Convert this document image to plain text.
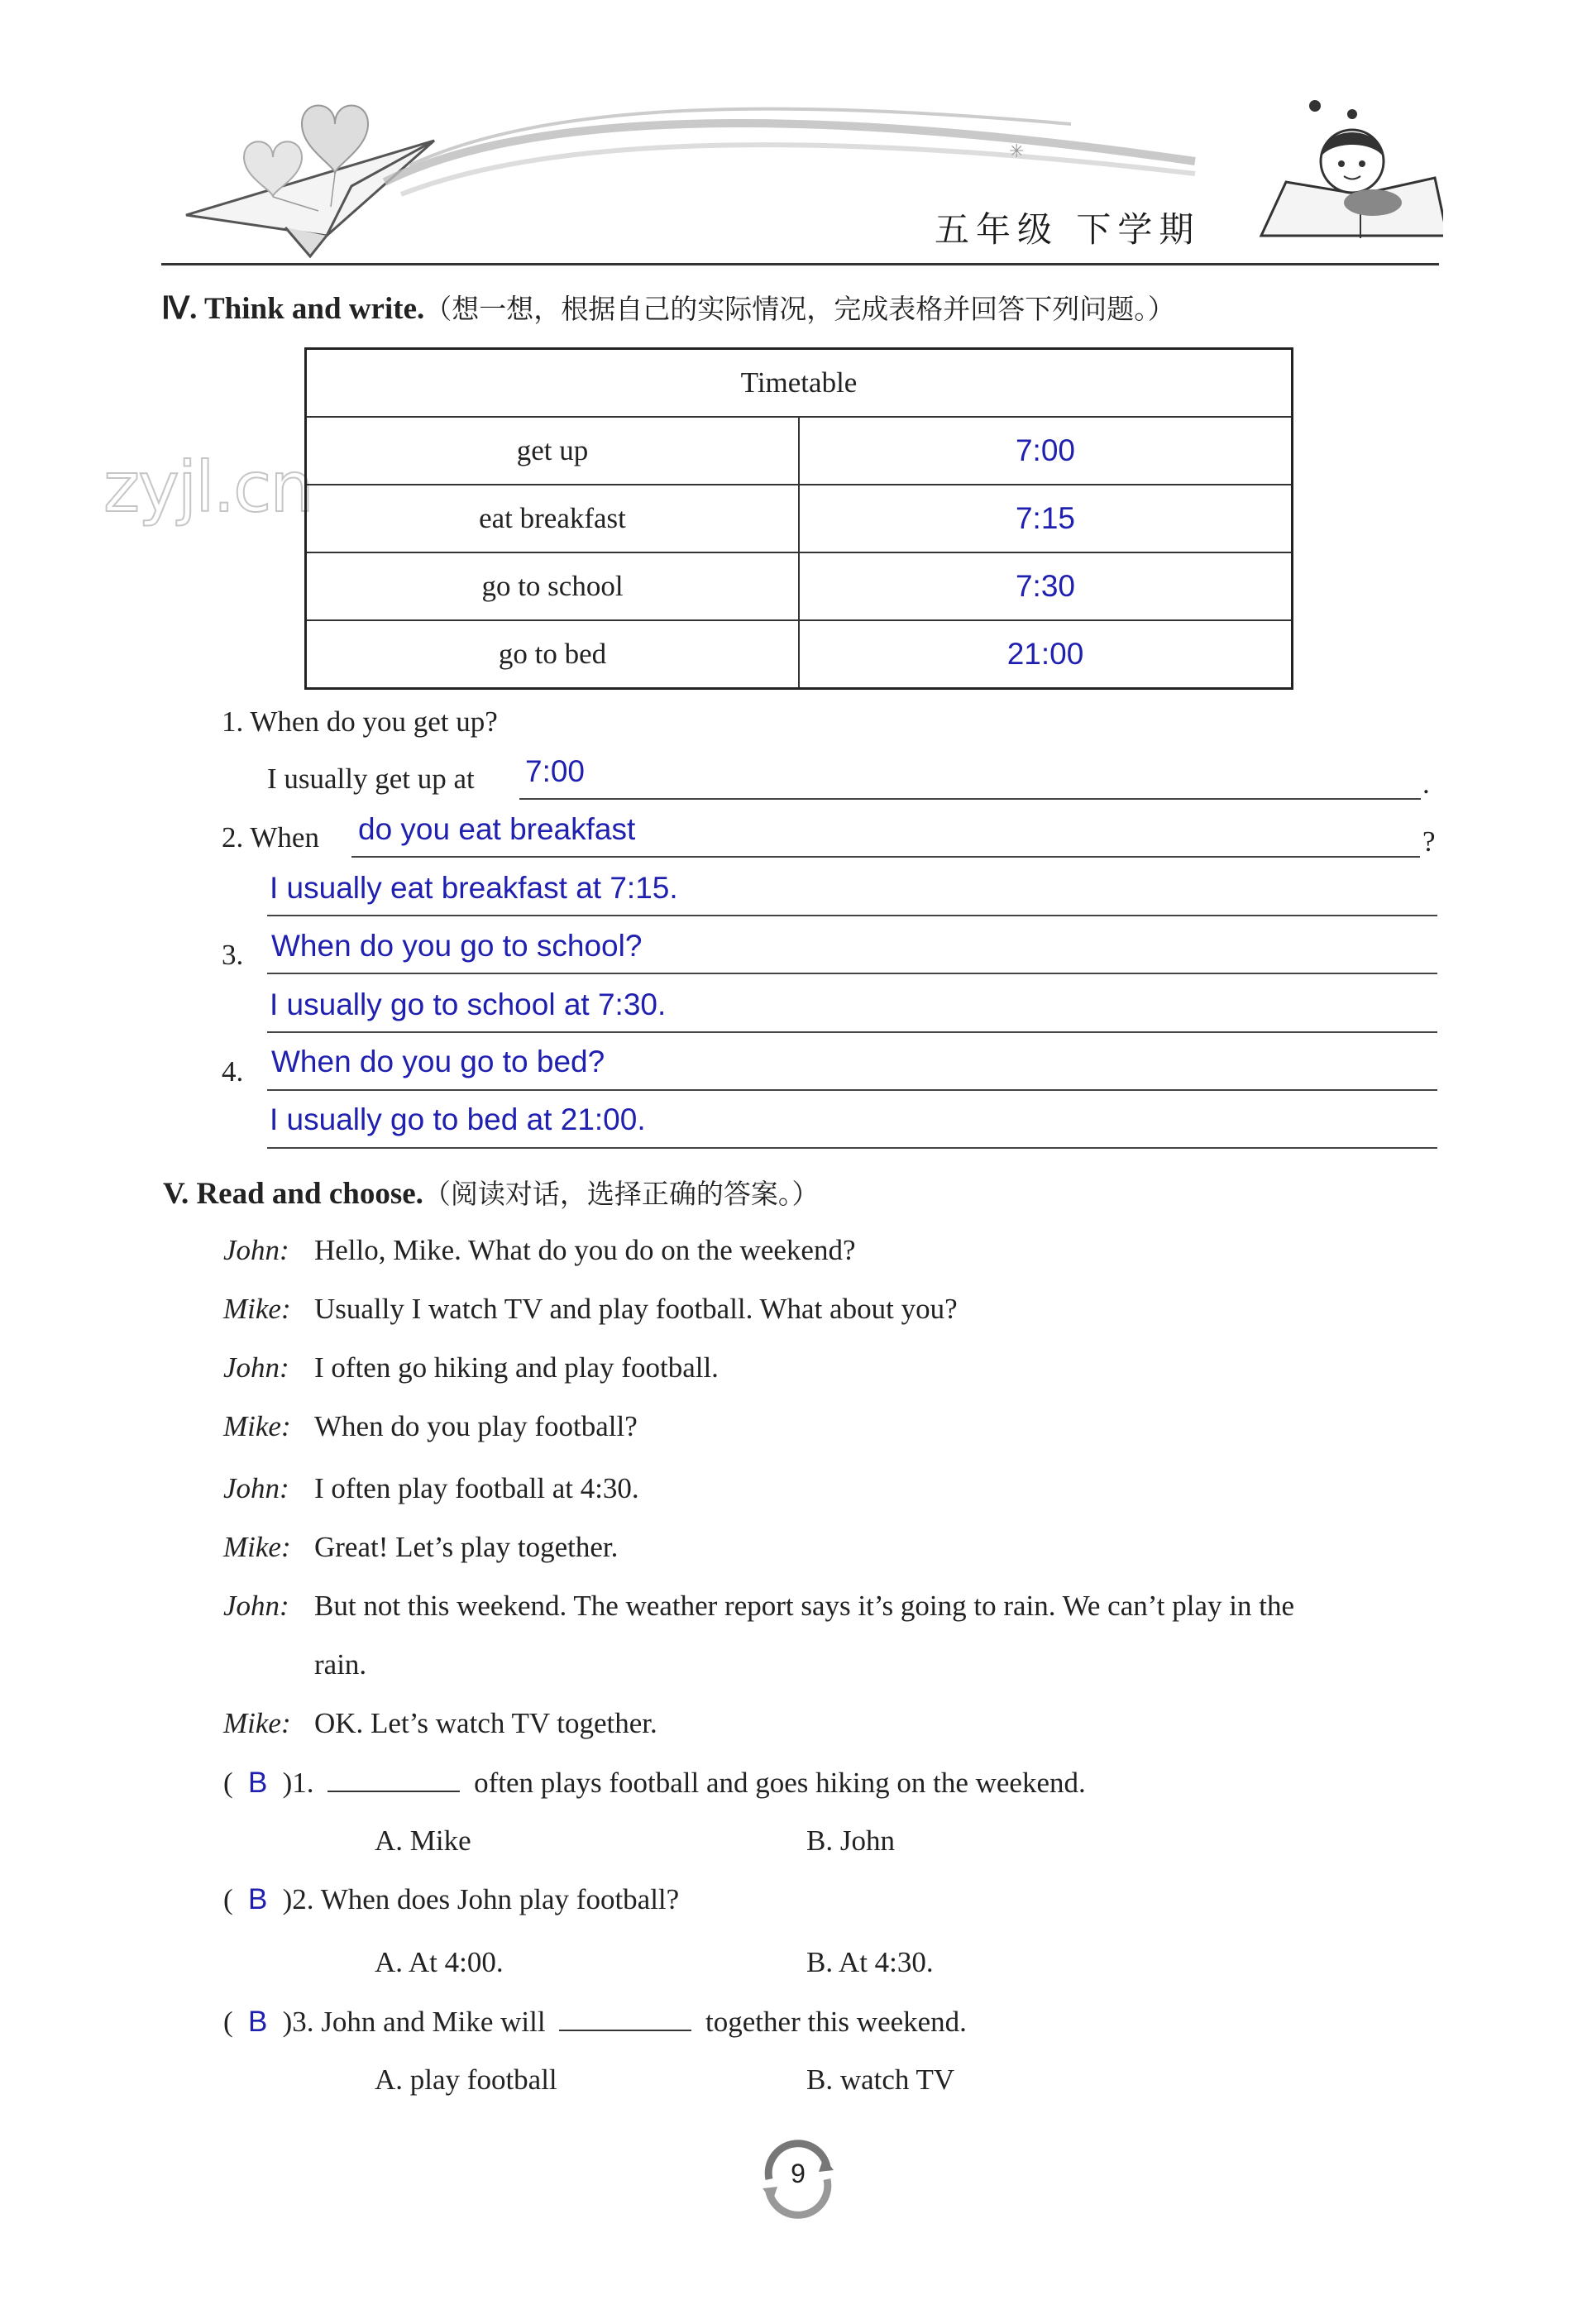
✳
五年级 下学期
zyjl.cn
Ⅳ. Think and write.（想一想，根据自己的实际情况，完成表格并回答下列问题。）
Timetable	
get up	7:00
eat breakfast	7:15
go to school	7:30
go to bed	21:00
1. When do you get up?
I usually get up at 7:00	.
2. When do you eat breakfast	?
I usually eat breakfast at 7:15.
3. When do you go to school?
I usually go to school at 7:30.
4. When do you go to bed?
I usually go to bed at 21:00.
V. Read and choose.（阅读对话，选择正确的答案。）
John: Hello, Mike. What do you do on the weekend?
Mike: Usually I watch TV and play football. What about you?
John: I often go hiking and play football.
Mike: When do you play football?
John: I often play football at 4:30.
Mike: Great! Let’s play together.
John: But not this weekend. The weather report says it’s going to rain. We can’t play in the
rain.
Mike: OK. Let’s watch TV together.
( B )1.	often plays football and goes hiking on the weekend.
A. Mike	B. John
( B )2. When does John play football?
A. At 4:00.	B. At 4:30.
( B )3. John and Mike will	together this weekend.
A. play football	B. watch TV
9
